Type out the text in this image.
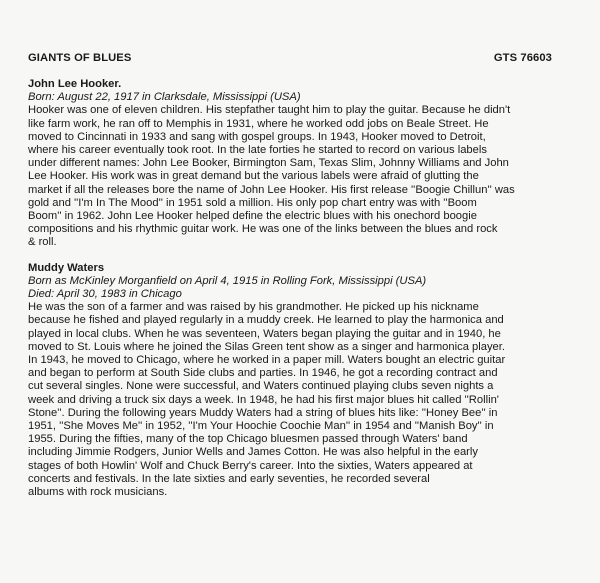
GIANTS OF BLUES	GTS 76603
John Lee Hooker.
Born: August 22, 1917 in Clarksdale, Mississippi (USA)

Hooker was one of eleven children. His stepfather taught him to play the guitar. Because he didn't
like farm work, he ran off to Memphis in 1931, where he worked odd jobs on Beale Street. He
moved to Cincinnati in 1933 and sang with gospel groups. In 1943, Hooker moved to Detroit,
where his career eventually took root. In the late forties he started to record on various labels
under different names: John Lee Booker, Birmington Sam, Texas Slim, Johnny Williams and John
Lee Hooker. His work was in great demand but the various labels were afraid of glutting the
market if all the releases bore the name of John Lee Hooker. His first release ''Boogie Chillun'' was
gold and ''I'm In The Mood'' in 1951 sold a million. His only pop chart entry was with ''Boom
Boom'' in 1962. John Lee Hooker helped define the electric blues with his onechord boogie
compositions and his rhythmic guitar work. He was one of the links between the blues and rock
& roll.

Muddy Waters
Born as McKinley Morganfield on April 4, 1915 in Rolling Fork, Mississippi (USA)
Died: April 30, 1983 in Chicago

He was the son of a farmer and was raised by his grandmother. He picked up his nickname
because he fished and played regularly in a muddy creek. He learned to play the harmonica and
played in local clubs. When he was seventeen, Waters began playing the guitar and in 1940, he
moved to St. Louis where he joined the Silas Green tent show as a singer and harmonica player.
In 1943, he moved to Chicago, where he worked in a paper mill. Waters bought an electric guitar
and began to perform at South Side clubs and parties. In 1946, he got a recording contract and
cut several singles. None were successful, and Waters continued playing clubs seven nights a
week and driving a truck six days a week. In 1948, he had his first major blues hit called ''Rollin'
Stone''. During the following years Muddy Waters had a string of blues hits like: ''Honey Bee'' in
1951, ''She Moves Me'' in 1952, ''I'm Your Hoochie Coochie Man'' in 1954 and ''Manish Boy'' in
1955. During the fifties, many of the top Chicago bluesmen passed through Waters' band
including Jimmie Rodgers, Junior Wells and James Cotton. He was also helpful in the early
stages of both Howlin' Wolf and Chuck Berry's career. Into the sixties, Waters appeared at
concerts and festivals. In the late sixties and early seventies, he recorded several
albums with rock musicians.
